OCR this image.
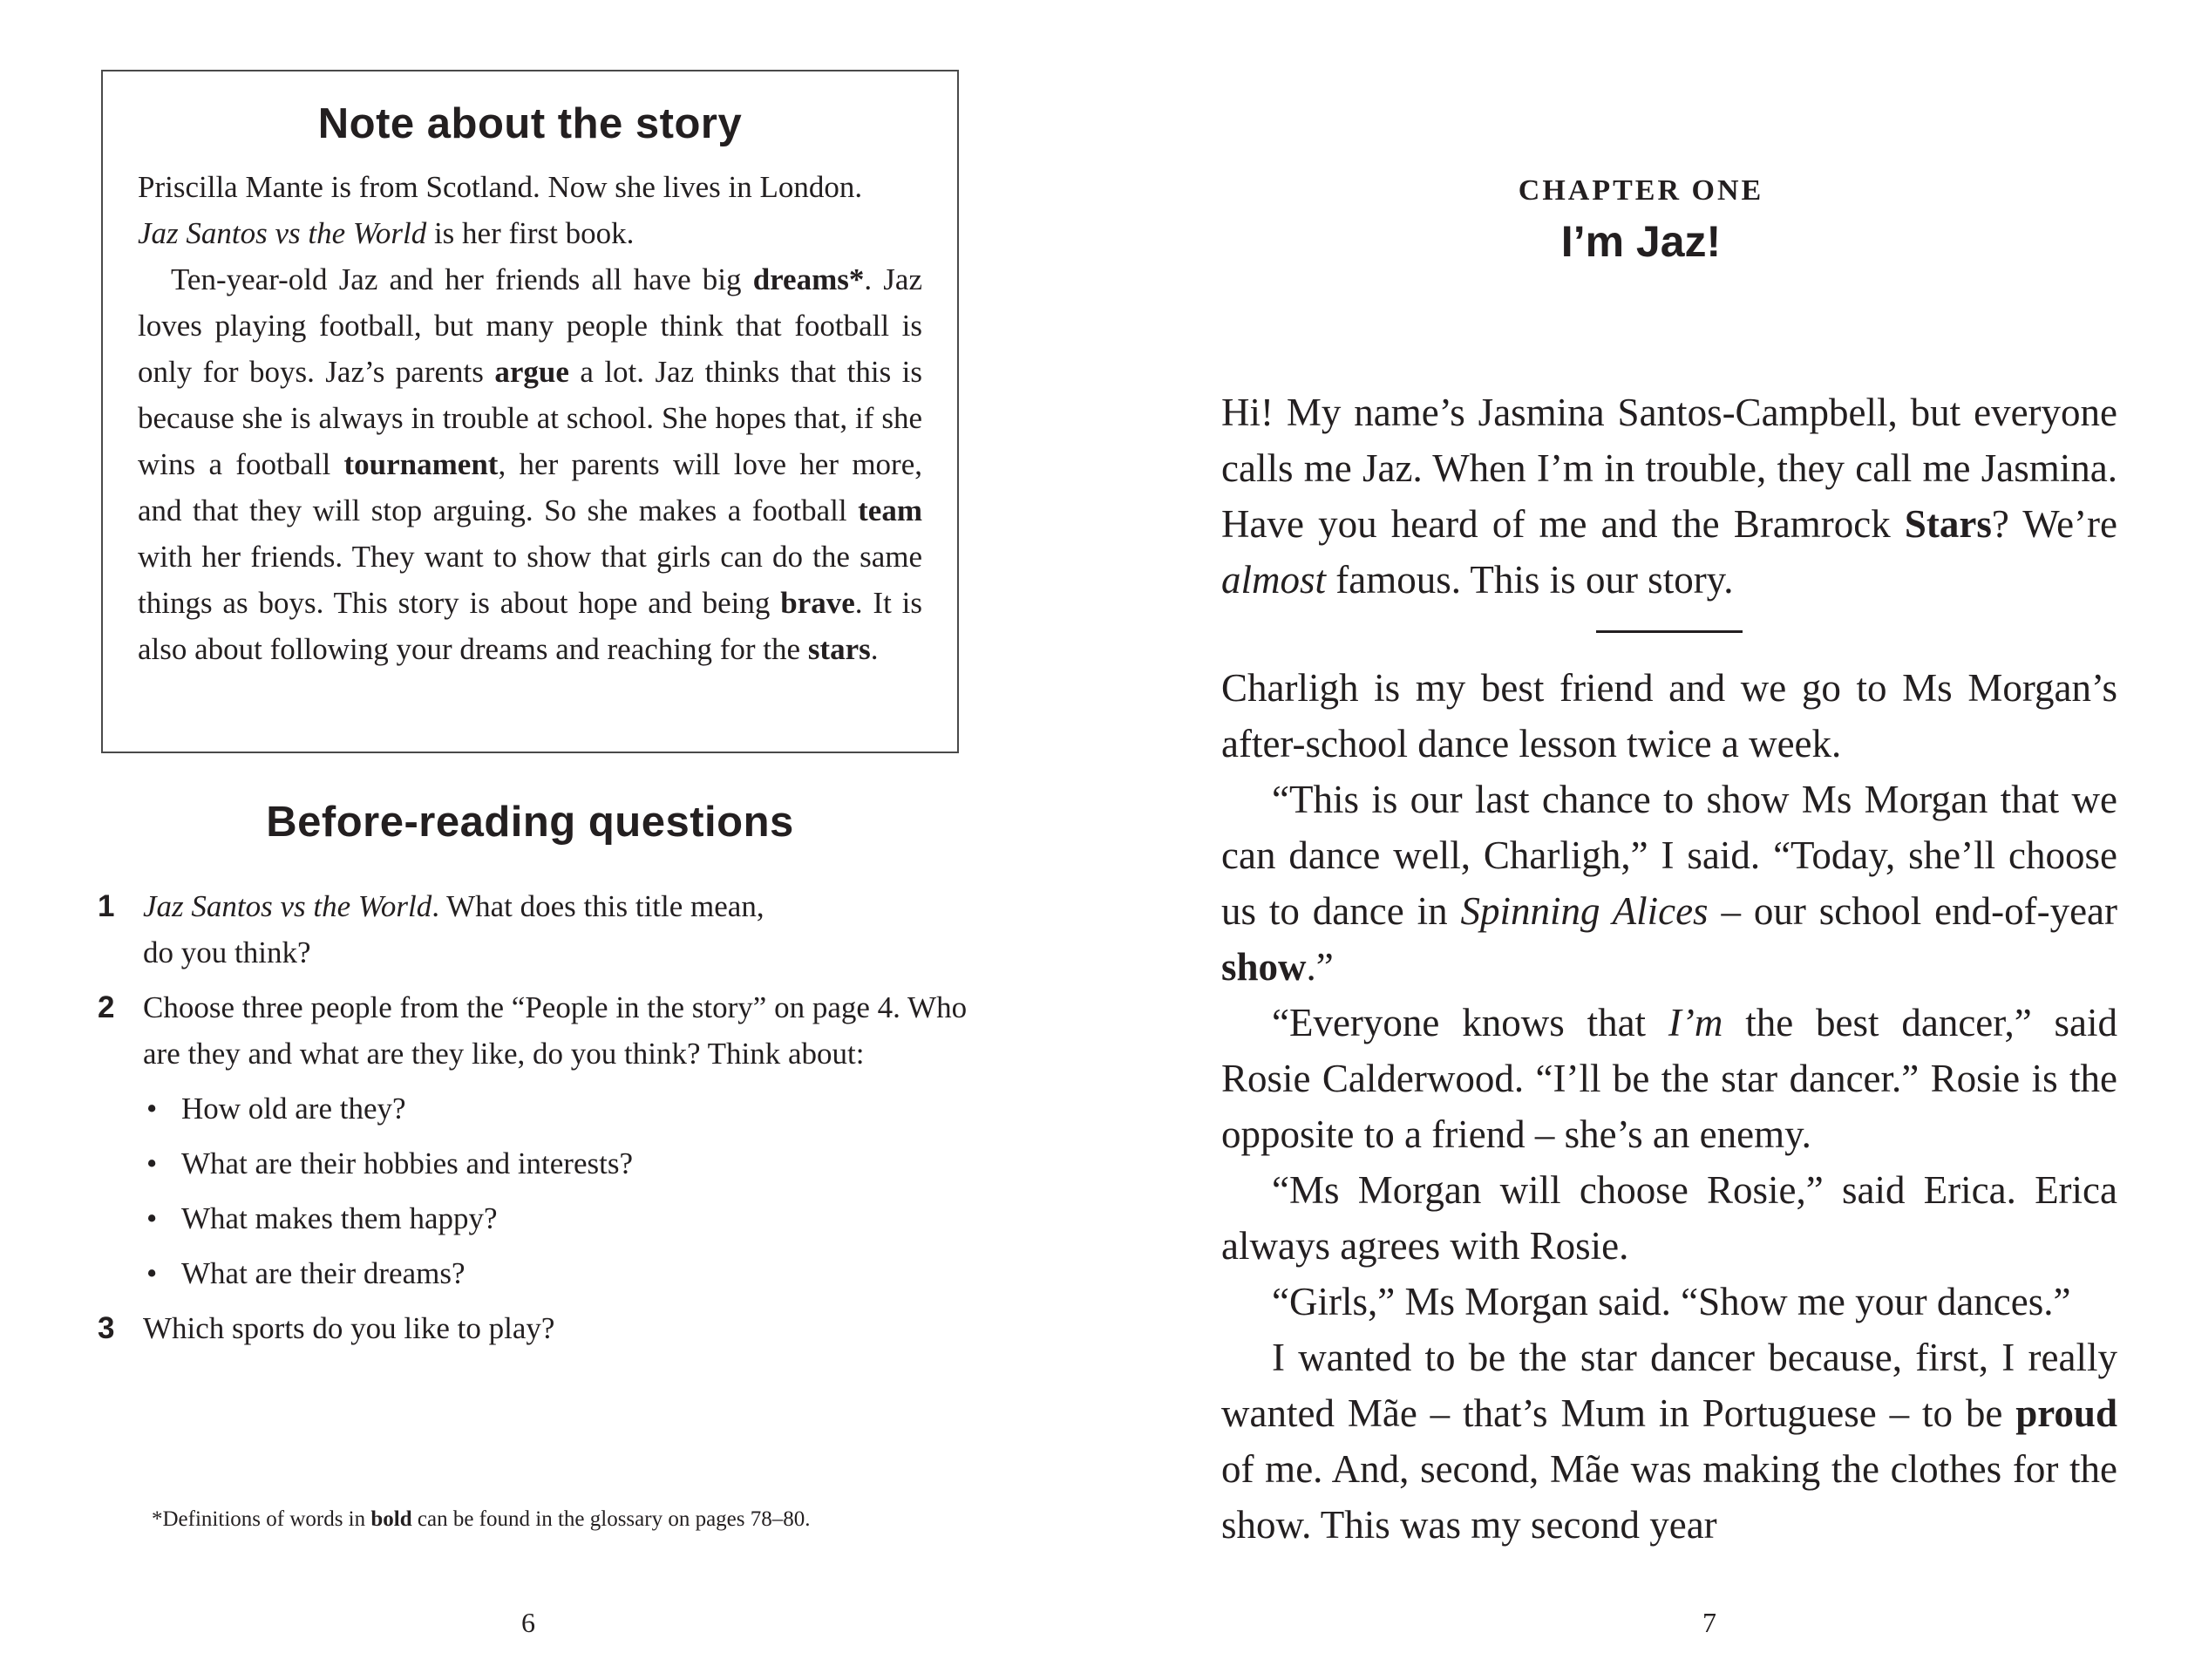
Note about the story

Priscilla Mante is from Scotland. Now she lives in London.
Jaz Santos vs the World is her first book.

Ten-year-old Jaz and her friends all have big dreams*. Jaz loves playing football, but many people think that football is only for boys. Jaz’s parents argue a lot. Jaz thinks that this is because she is always in trouble at school. She hopes that, if she wins a football tournament, her parents will love her more, and that they will stop arguing. So she makes a football team with her friends. They want to show that girls can do the same things as boys. This story is about hope and being brave. It is also about following your dreams and reaching for the stars.

Before-reading questions
1 Jaz Santos vs the World. What does this title mean,
do you think?
2 Choose three people from the “People in the story” on page 4. Who are they and what are they like, do you think? Think about:
• How old are they?
• What are their hobbies and interests?
• What makes them happy?
• What are their dreams?
3 Which sports do you like to play?
*Definitions of words in bold can be found in the glossary on pages 78–80.
6
CHAPTER ONE
I’m Jaz!

Hi! My name’s Jasmina Santos-Campbell, but everyone calls me Jaz. When I’m in trouble, they call me Jasmina. Have you heard of me and the Bramrock Stars? We’re almost famous. This is our story.

Charligh is my best friend and we go to Ms Morgan’s after-school dance lesson twice a week.

“This is our last chance to show Ms Morgan that we can dance well, Charligh,” I said. “Today, she’ll choose us to dance in Spinning Alices – our school end-of-year show.”

“Everyone knows that I’m the best dancer,” said Rosie Calderwood. “I’ll be the star dancer.” Rosie is the opposite to a friend – she’s an enemy.

“Ms Morgan will choose Rosie,” said Erica. Erica always agrees with Rosie.

“Girls,” Ms Morgan said. “Show me your dances.”

I wanted to be the star dancer because, first, I really wanted Mãe – that’s Mum in Portuguese – to be proud of me. And, second, Mãe was making the clothes for the show. This was my second year

7
